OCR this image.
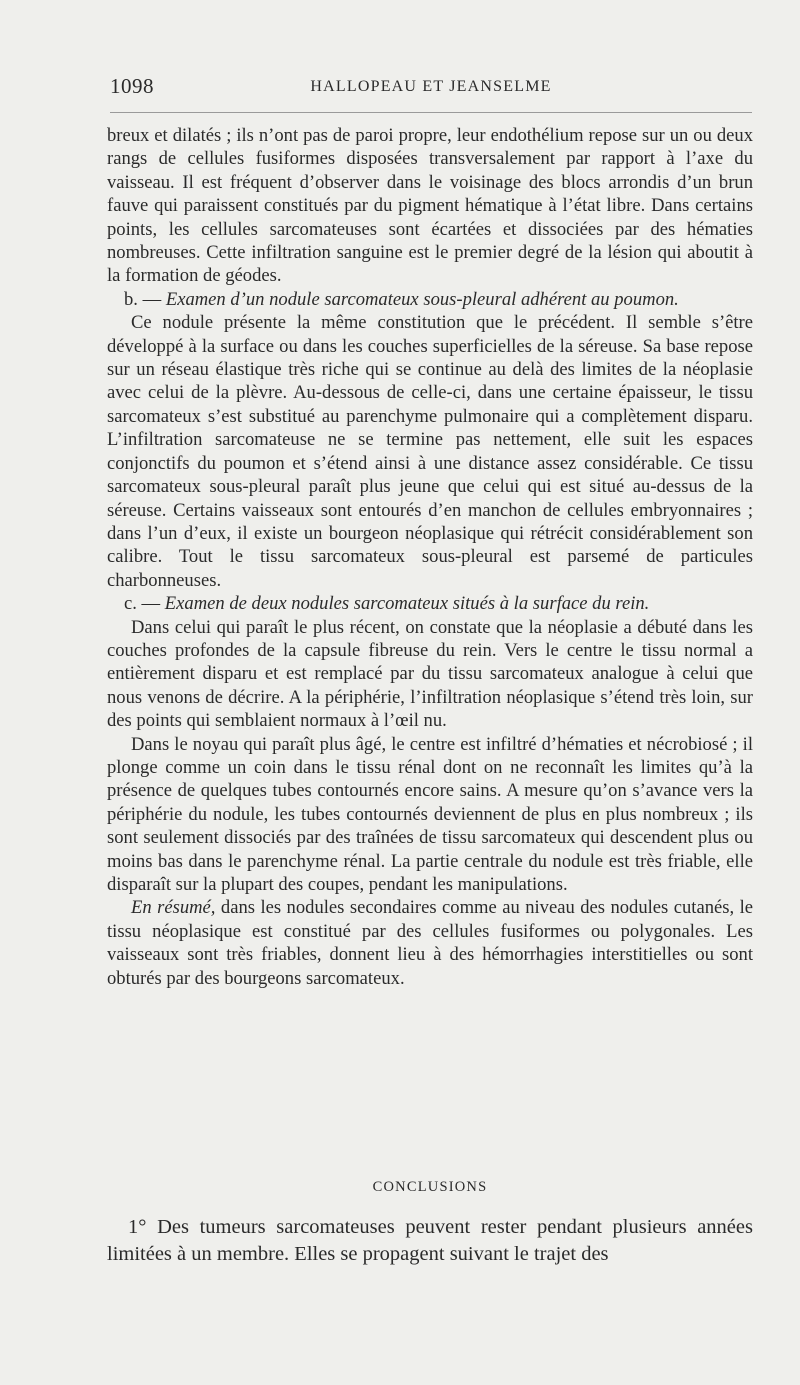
1098	HALLOPEAU ET JEANSELME

breux et dilatés ; ils n’ont pas de paroi propre, leur endothélium repose sur un ou deux rangs de cellules fusiformes disposées transversalement par rapport à l’axe du vaisseau. Il est fréquent d’observer dans le voisinage des blocs arrondis d’un brun fauve qui paraissent constitués par du pigment hématique à l’état libre. Dans certains points, les cellules sarcomateuses sont écartées et dissociées par des hématies nombreuses. Cette infiltration sanguine est le premier degré de la lésion qui aboutit à la formation de géodes.

b. — Examen d’un nodule sarcomateux sous-pleural adhérent au poumon.

Ce nodule présente la même constitution que le précédent. Il semble s’être développé à la surface ou dans les couches superficielles de la séreuse. Sa base repose sur un réseau élastique très riche qui se continue au delà des limites de la néoplasie avec celui de la plèvre. Au-dessous de celle-ci, dans une certaine épaisseur, le tissu sarcomateux s’est substitué au parenchyme pulmonaire qui a complètement disparu. L’infiltration sarcomateuse ne se termine pas nettement, elle suit les espaces conjonctifs du poumon et s’étend ainsi à une distance assez considérable. Ce tissu sarcomateux sous-pleural paraît plus jeune que celui qui est situé au-dessus de la séreuse. Certains vaisseaux sont entourés d’en manchon de cellules embryonnaires ; dans l’un d’eux, il existe un bourgeon néoplasique qui rétrécit considérablement son calibre. Tout le tissu sarcomateux sous-pleural est parsemé de particules charbonneuses.

c. — Examen de deux nodules sarcomateux situés à la surface du rein.

Dans celui qui paraît le plus récent, on constate que la néoplasie a débuté dans les couches profondes de la capsule fibreuse du rein. Vers le centre le tissu normal a entièrement disparu et est remplacé par du tissu sarcomateux analogue à celui que nous venons de décrire. A la périphérie, l’infiltration néoplasique s’étend très loin, sur des points qui semblaient normaux à l’œil nu.

Dans le noyau qui paraît plus âgé, le centre est infiltré d’hématies et nécrobiosé ; il plonge comme un coin dans le tissu rénal dont on ne reconnaît les limites qu’à la présence de quelques tubes contournés encore sains. A mesure qu’on s’avance vers la périphérie du nodule, les tubes contournés deviennent de plus en plus nombreux ; ils sont seulement dissociés par des traînées de tissu sarcomateux qui descendent plus ou moins bas dans le parenchyme rénal. La partie centrale du nodule est très friable, elle disparaît sur la plupart des coupes, pendant les manipulations.

En résumé, dans les nodules secondaires comme au niveau des nodules cutanés, le tissu néoplasique est constitué par des cellules fusiformes ou polygonales. Les vaisseaux sont très friables, donnent lieu à des hémorrhagies interstitielles ou sont obturés par des bourgeons sarcomateux.

CONCLUSIONS

1° Des tumeurs sarcomateuses peuvent rester pendant plusieurs années limitées à un membre. Elles se propagent suivant le trajet des
